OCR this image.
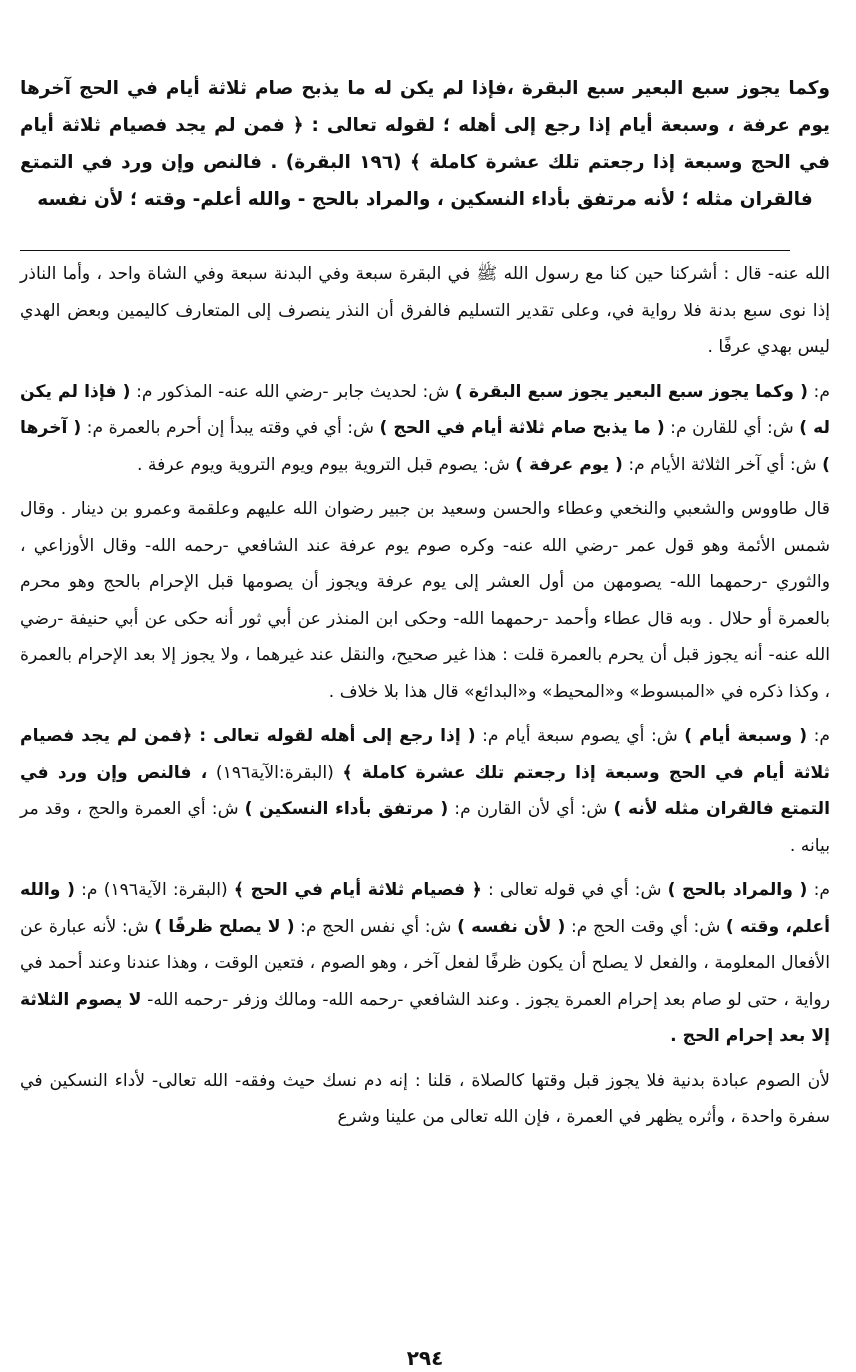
وكما يجوز سبع البعير سبع البقرة ،فإذا لم يكن له ما يذبح صام ثلاثة أيام في الحج آخرها يوم عرفة ، وسبعة أيام إذا رجع إلى أهله ؛ لقوله تعالى : ﴿ فمن لم يجد فصيام ثلاثة أيام في الحج وسبعة إذا رجعتم تلك عشرة كاملة ﴾ (١٩٦ البقرة) . فالنص وإن ورد في التمتع فالقران مثله ؛ لأنه مرتفق بأداء النسكين ، والمراد بالحج - والله أعلم- وقته ؛ لأن نفسه

الله عنه- قال : أشركنا حين كنا مع رسول الله ﷺ في البقرة سبعة وفي البدنة سبعة وفي الشاة واحد ، وأما الناذر إذا نوى سبع بدنة فلا رواية في، وعلى تقدير التسليم فالفرق أن النذر ينصرف إلى المتعارف كاليمين وبعض الهدي ليس بهدي عرفًا .

م: ( وكما يجوز سبع البعير يجوز سبع البقرة ) ش: لحديث جابر -رضي الله عنه- المذكور م: ( فإذا لم يكن له ) ش: أي للقارن م: ( ما يذبح صام ثلاثة أيام في الحج ) ش: أي في وقته يبدأ إن أحرم بالعمرة م: ( آخرها ) ش: أي آخر الثلاثة الأيام م: ( يوم عرفة ) ش: يصوم قبل التروية بيوم ويوم التروية ويوم عرفة .

قال طاووس والشعبي والنخعي وعطاء والحسن وسعيد بن جبير رضوان الله عليهم وعلقمة وعمرو بن دينار . وقال شمس الأئمة وهو قول عمر -رضي الله عنه- وكره صوم يوم عرفة عند الشافعي -رحمه الله- وقال الأوزاعي ، والثوري -رحمهما الله- يصومهن من أول العشر إلى يوم عرفة ويجوز أن يصومها قبل الإحرام بالحج وهو محرم بالعمرة أو حلال . وبه قال عطاء وأحمد -رحمهما الله- وحكى ابن المنذر عن أبي ثور أنه حكى عن أبي حنيفة -رضي الله عنه- أنه يجوز قبل أن يحرم بالعمرة قلت : هذا غير صحيح، والنقل عند غيرهما ، ولا يجوز إلا بعد الإحرام بالعمرة ، وكذا ذكره في «المبسوط» و«المحيط» و«البدائع» قال هذا بلا خلاف .

م: ( وسبعة أيام ) ش: أي يصوم سبعة أيام م: ( إذا رجع إلى أهله لقوله تعالى : ﴿فمن لم يجد فصيام ثلاثة أيام في الحج وسبعة إذا رجعتم تلك عشرة كاملة ﴾ (البقرة:الآية١٩٦) ، فالنص وإن ورد في التمتع فالقران مثله لأنه ) ش: أي لأن القارن م: ( مرتفق بأداء النسكين ) ش: أي العمرة والحج ، وقد مر بيانه .

م: ( والمراد بالحج ) ش: أي في قوله تعالى : ﴿ فصيام ثلاثة أيام في الحج ﴾ (البقرة: الآية١٩٦) م: ( والله أعلم، وقته ) ش: أي وقت الحج م: ( لأن نفسه ) ش: أي نفس الحج م: ( لا يصلح ظرفًا ) ش: لأنه عبارة عن الأفعال المعلومة ، والفعل لا يصلح أن يكون ظرفًا لفعل آخر ، وهو الصوم ، فتعين الوقت ، وهذا عندنا وعند أحمد في رواية ، حتى لو صام بعد إحرام العمرة يجوز . وعند الشافعي -رحمه الله- ومالك وزفر -رحمه الله- لا يصوم الثلاثة إلا بعد إحرام الحج .

لأن الصوم عبادة بدنية فلا يجوز قبل وقتها كالصلاة ، قلنا : إنه دم نسك حيث وفقه- الله تعالى- لأداء النسكين في سفرة واحدة ، وأثره يظهر في العمرة ، فإن الله تعالى من علينا وشرع

٢٩٤
